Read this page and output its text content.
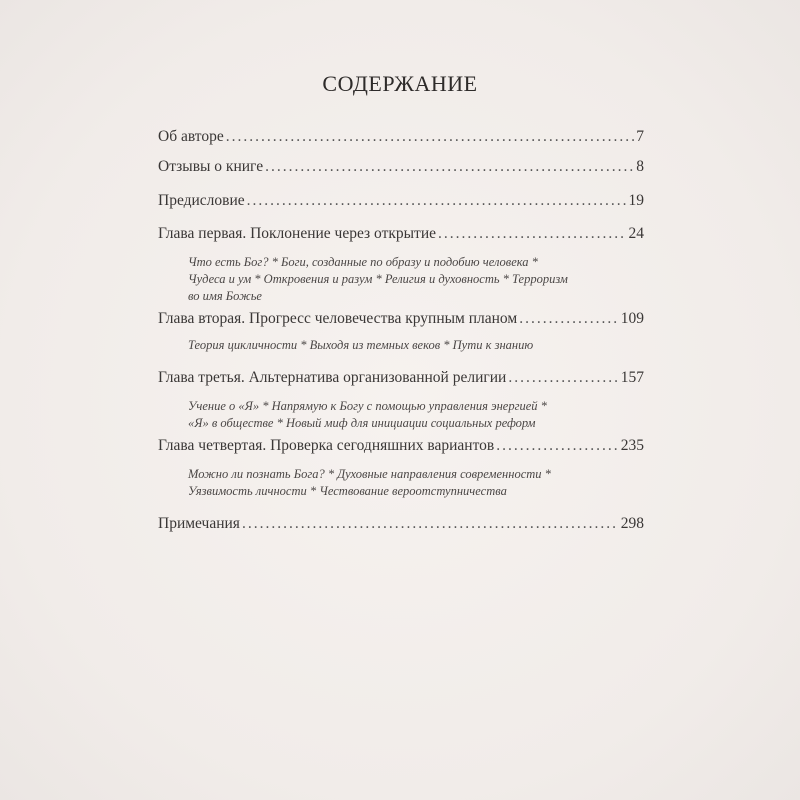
СОДЕРЖАНИЕ
Об авторе .....	7
Отзывы о книге .....	8
Предисловие .....	19
Глава первая. Поклонение через открытие .....	24
Что есть Бог? * Боги, созданные по образу и подобию человека *
Чудеса и ум * Откровения и разум * Религия и духовность * Терроризм
во имя Божье
Глава вторая. Прогресс человечества крупным планом .....	109
Теория цикличности * Выходя из темных веков * Пути к знанию
Глава третья. Альтернатива организованной религии .....	157
Учение о «Я» * Напрямую к Богу с помощью управления энергией *
«Я» в обществе * Новый миф для инициации социальных реформ
Глава четвертая. Проверка сегодняшних вариантов .....	235
Можно ли познать Бога? * Духовные направления современности *
Уязвимость личности * Чествование вероотступничества
Примечания .....	298
